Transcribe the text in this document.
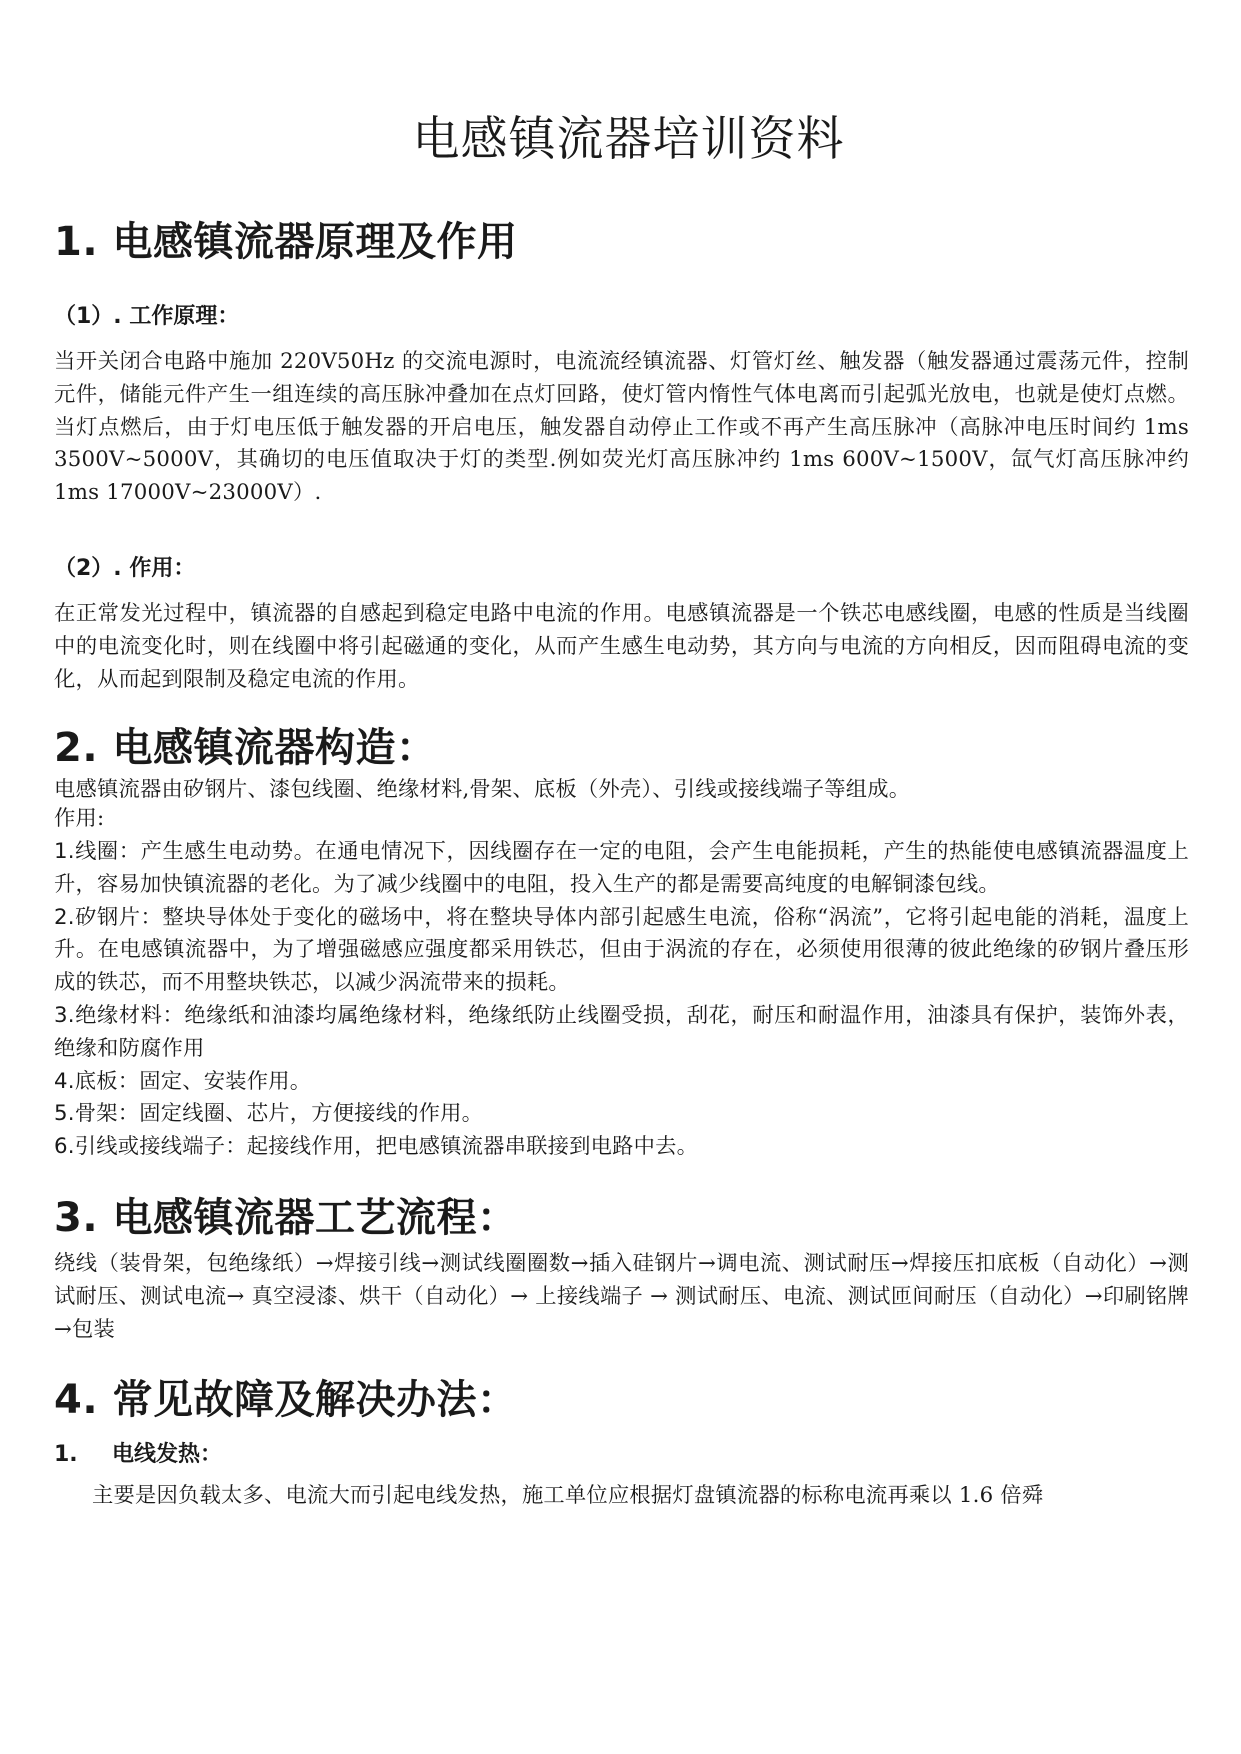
电感镇流器培训资料
1. 电感镇流器原理及作用
（1）. 工作原理：

当开关闭合电路中施加 220V50Hz 的交流电源时，电流流经镇流器、灯管灯丝、触发器（触发器通过震荡元件，控制元件，储能元件产生一组连续的高压脉冲叠加在点灯回路，使灯管内惰性气体电离而引起弧光放电，也就是使灯点燃。当灯点燃后，由于灯电压低于触发器的开启电压，触发器自动停止工作或不再产生高压脉冲（高脉冲电压时间约 1ms 3500V~5000V，其确切的电压值取决于灯的类型.例如荧光灯高压脉冲约 1ms 600V~1500V，氙气灯高压脉冲约 1ms 17000V~23000V）.

（2）. 作用：

在正常发光过程中，镇流器的自感起到稳定电路中电流的作用。电感镇流器是一个铁芯电感线圈，电感的性质是当线圈中的电流变化时，则在线圈中将引起磁通的变化，从而产生感生电动势，其方向与电流的方向相反，因而阻碍电流的变化，从而起到限制及稳定电流的作用。

2. 电感镇流器构造：

电感镇流器由矽钢片、漆包线圈、绝缘材料,骨架、底板（外壳）、引线或接线端子等组成。

作用:

1.线圈：产生感生电动势。在通电情况下，因线圈存在一定的电阻，会产生电能损耗，产生的热能使电感镇流器温度上升，容易加快镇流器的老化。为了减少线圈中的电阻，投入生产的都是需要高纯度的电解铜漆包线。

2.矽钢片：整块导体处于变化的磁场中，将在整块导体内部引起感生电流，俗称“涡流”，它将引起电能的消耗，温度上升。在电感镇流器中，为了增强磁感应强度都采用铁芯，但由于涡流的存在，必须使用很薄的彼此绝缘的矽钢片叠压形成的铁芯，而不用整块铁芯，以减少涡流带来的损耗。

3.绝缘材料：绝缘纸和油漆均属绝缘材料，绝缘纸防止线圈受损，刮花，耐压和耐温作用，油漆具有保护，装饰外表，绝缘和防腐作用

4.底板：固定、安装作用。

5.骨架：固定线圈、芯片，方便接线的作用。

6.引线或接线端子：起接线作用，把电感镇流器串联接到电路中去。

3. 电感镇流器工艺流程：

绕线（装骨架，包绝缘纸）→焊接引线→测试线圈圈数→插入硅钢片→调电流、测试耐压→焊接压扣底板（自动化）→测试耐压、测试电流→ 真空浸漆、烘干（自动化）→ 上接线端子 → 测试耐压、电流、测试匝间耐压（自动化）→印刷铭牌→包装

4. 常见故障及解决办法：
1. 电线发热：

主要是因负载太多、电流大而引起电线发热，施工单位应根据灯盘镇流器的标称电流再乘以 1.6 倍舜
